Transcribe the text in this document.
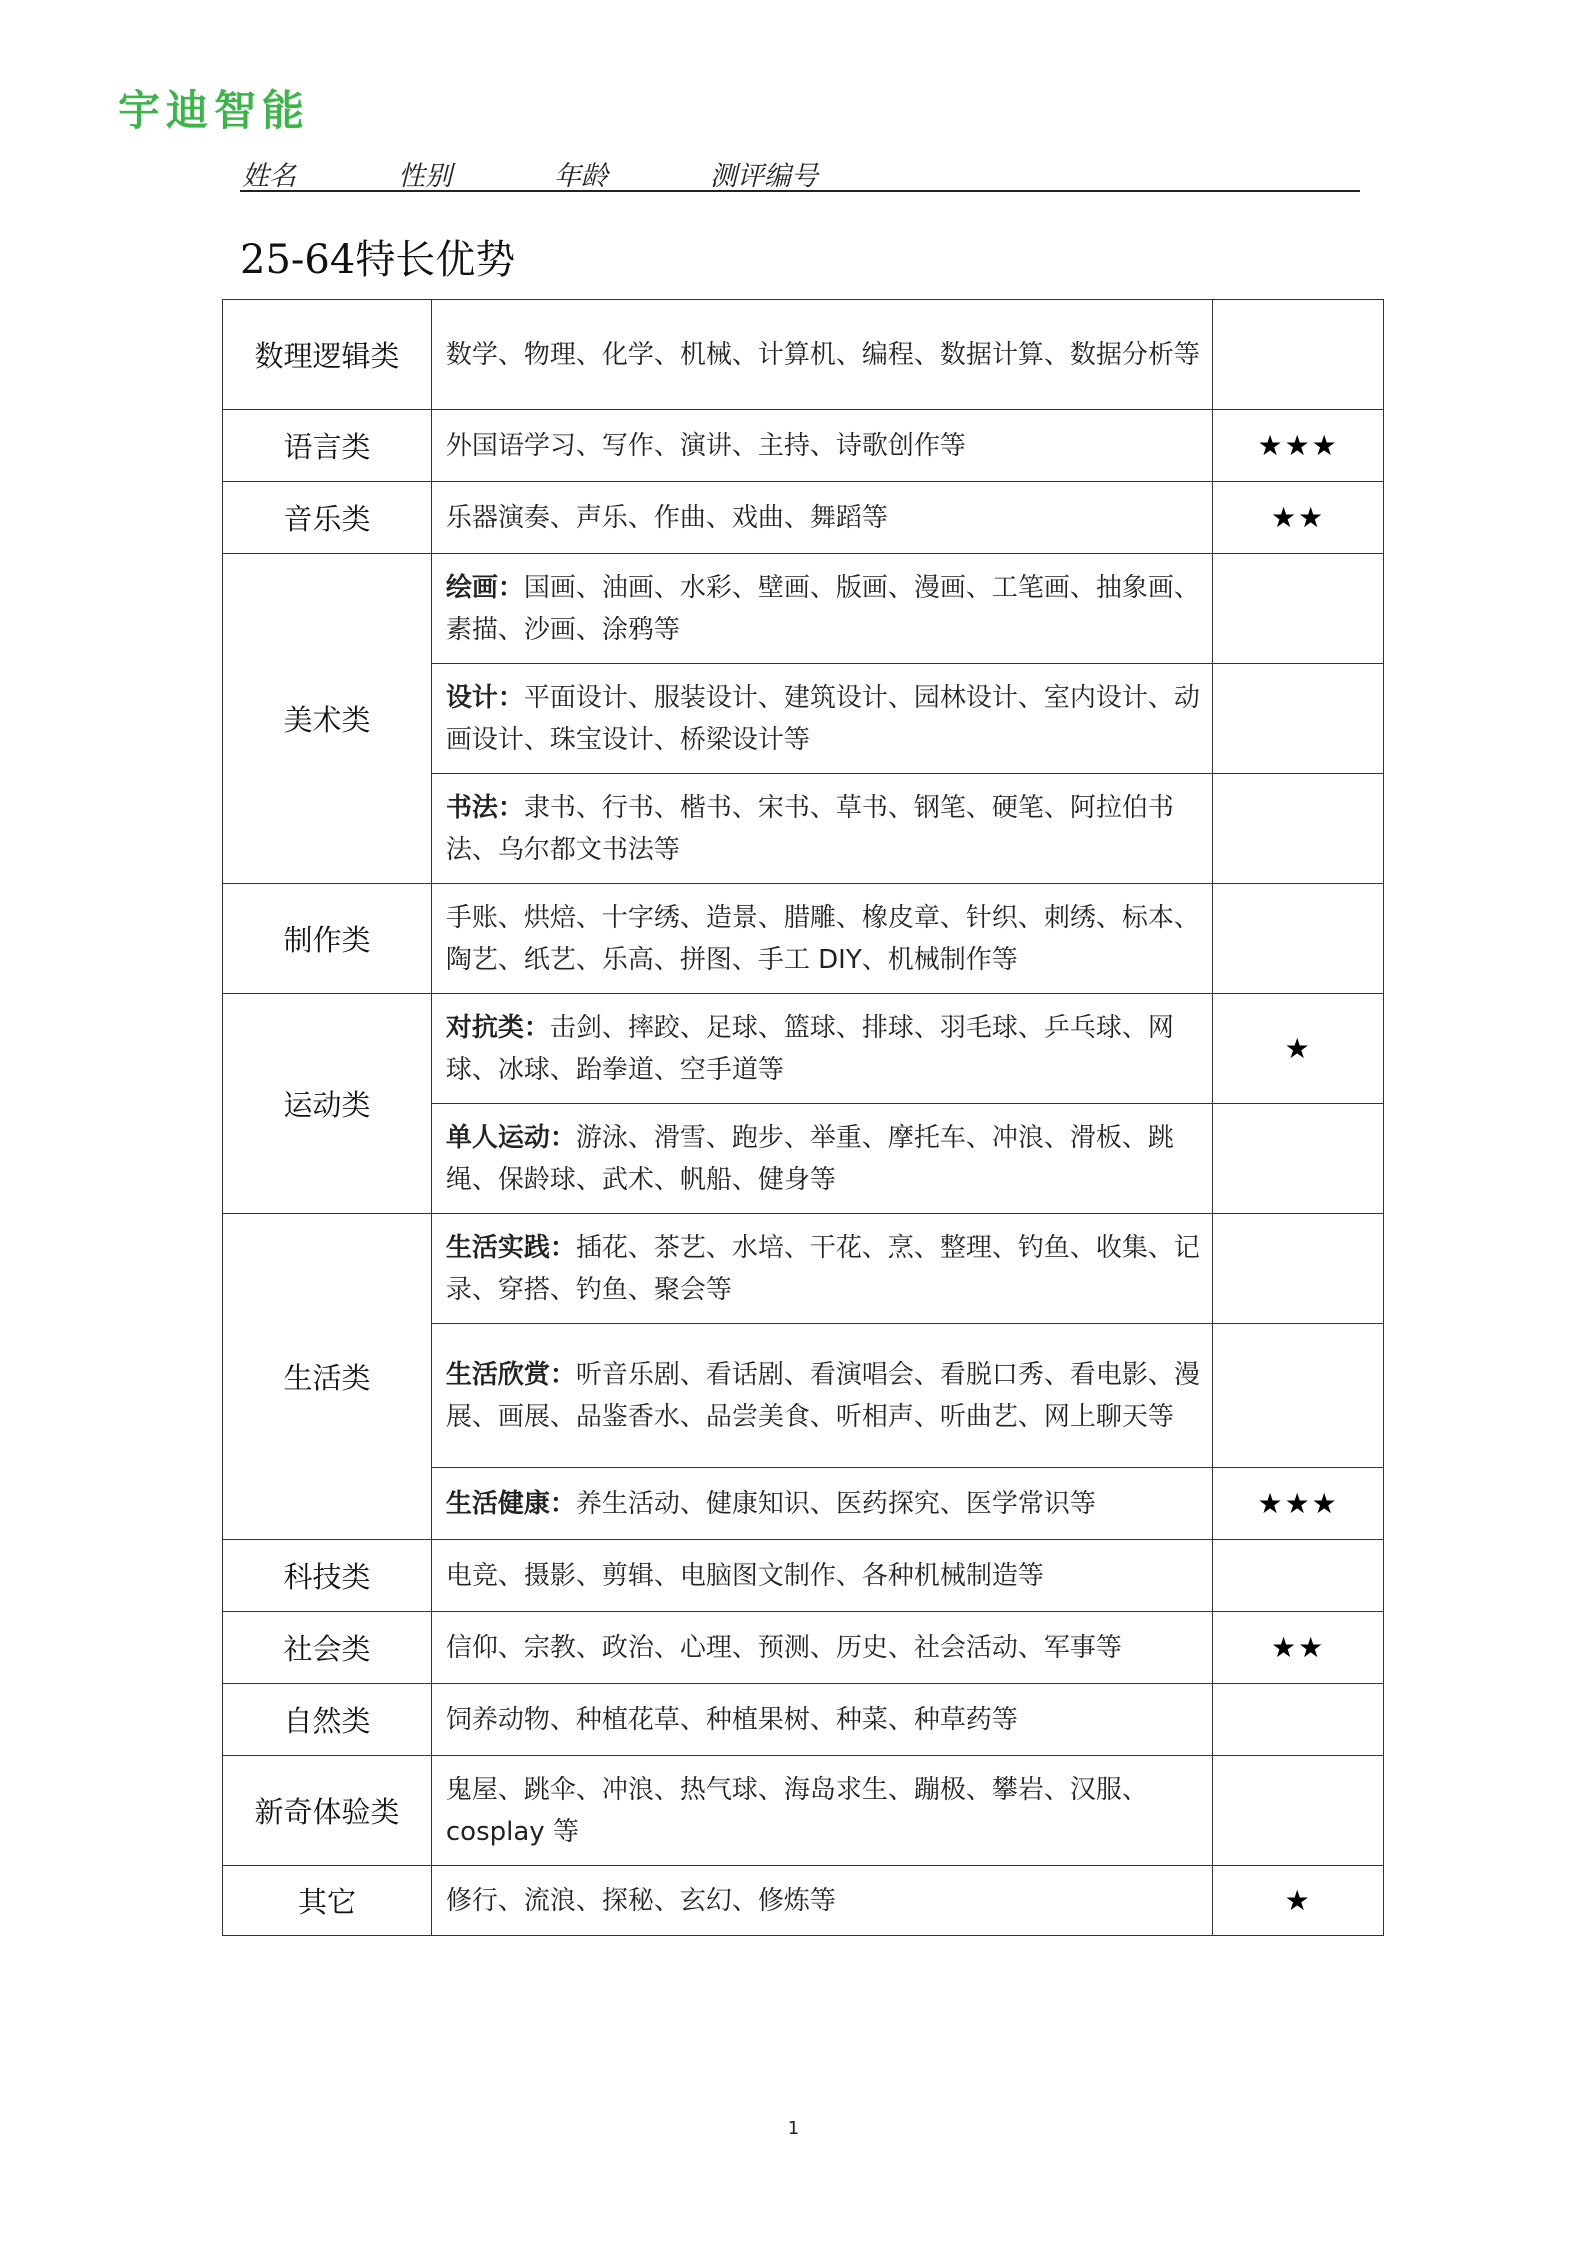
宇迪智能
姓名	性别	年龄	测评编号
25-64特长优势
数理逻辑类	数学、物理、化学、机械、计算机、编程、数据计算、数据分析等	
语言类	外国语学习、写作、演讲、主持、诗歌创作等	★★★
音乐类	乐器演奏、声乐、作曲、戏曲、舞蹈等	★★
美术类	绘画：国画、油画、水彩、壁画、版画、漫画、工笔画、抽象画、素描、沙画、涂鸦等	
	设计：平面设计、服装设计、建筑设计、园林设计、室内设计、动画设计、珠宝设计、桥梁设计等	
	书法：隶书、行书、楷书、宋书、草书、钢笔、硬笔、阿拉伯书法、乌尔都文书法等	
制作类	手账、烘焙、十字绣、造景、腊雕、橡皮章、针织、刺绣、标本、陶艺、纸艺、乐高、拼图、手工 DIY、机械制作等	
运动类	对抗类：击剑、摔跤、足球、篮球、排球、羽毛球、乒乓球、网球、冰球、跆拳道、空手道等	★
	单人运动：游泳、滑雪、跑步、举重、摩托车、冲浪、滑板、跳绳、保龄球、武术、帆船、健身等	
生活类	生活实践：插花、茶艺、水培、干花、烹、整理、钓鱼、收集、记录、穿搭、钓鱼、聚会等	
	生活欣赏：听音乐剧、看话剧、看演唱会、看脱口秀、看电影、漫展、画展、品鉴香水、品尝美食、听相声、听曲艺、网上聊天等	
	生活健康：养生活动、健康知识、医药探究、医学常识等	★★★
科技类	电竞、摄影、剪辑、电脑图文制作、各种机械制造等	
社会类	信仰、宗教、政治、心理、预测、历史、社会活动、军事等	★★
自然类	饲养动物、种植花草、种植果树、种菜、种草药等	
新奇体验类	鬼屋、跳伞、冲浪、热气球、海岛求生、蹦极、攀岩、汉服、cosplay 等	
其它	修行、流浪、探秘、玄幻、修炼等	★
1
